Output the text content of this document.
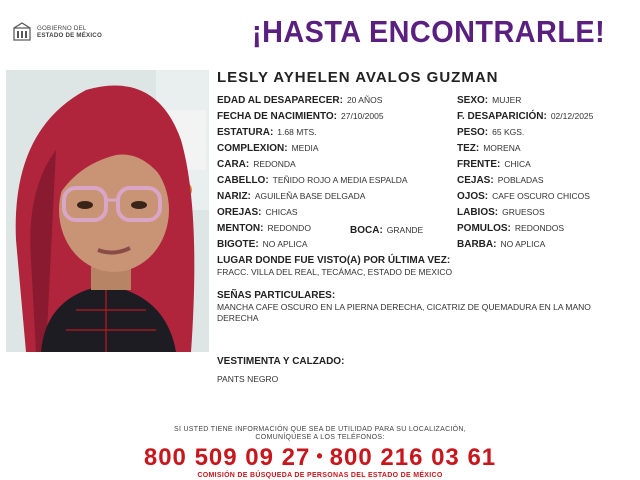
GOBIERNO DEL
ESTADO DE MÉXICO	¡HASTA ENCONTRARLE!
LESLY AYHELEN AVALOS GUZMAN
EDAD AL DESAPARECER: 20 AÑOS
FECHA DE NACIMIENTO: 27/10/2005
ESTATURA: 1.68 MTS.
COMPLEXION: MEDIA
CARA: REDONDA
CABELLO: TEÑIDO ROJO A MEDIA ESPALDA
NARIZ: AGUILEÑA BASE DELGADA
OREJAS: CHICAS
MENTON: REDONDO	BOCA: GRANDE
BIGOTE: NO APLICA
SEXO: MUJER
F. DESAPARICIÓN: 02/12/2025
PESO: 65 KGS.
TEZ: MORENA
FRENTE: CHICA
CEJAS: POBLADAS
OJOS: CAFE OSCURO CHICOS
LABIOS: GRUESOS
POMULOS: REDONDOS
BARBA: NO APLICA
LUGAR DONDE FUE VISTO(A) POR ÚLTIMA VEZ:
FRACC. VILLA DEL REAL, TECÁMAC, ESTADO DE MEXICO
SEÑAS PARTICULARES:
MANCHA CAFE OSCURO EN LA PIERNA DERECHA, CICATRIZ DE QUEMADURA EN LA MANO DERECHA
VESTIMENTA Y CALZADO:
PANTS NEGRO
SI USTED TIENE INFORMACIÓN QUE SEA DE UTILIDAD PARA SU LOCALIZACIÓN,
COMUNÍQUESE A LOS TELÉFONOS:
800 509 09 27 • 800 216 03 61
COMISIÓN DE BÚSQUEDA DE PERSONAS DEL ESTADO DE MÉXICO
